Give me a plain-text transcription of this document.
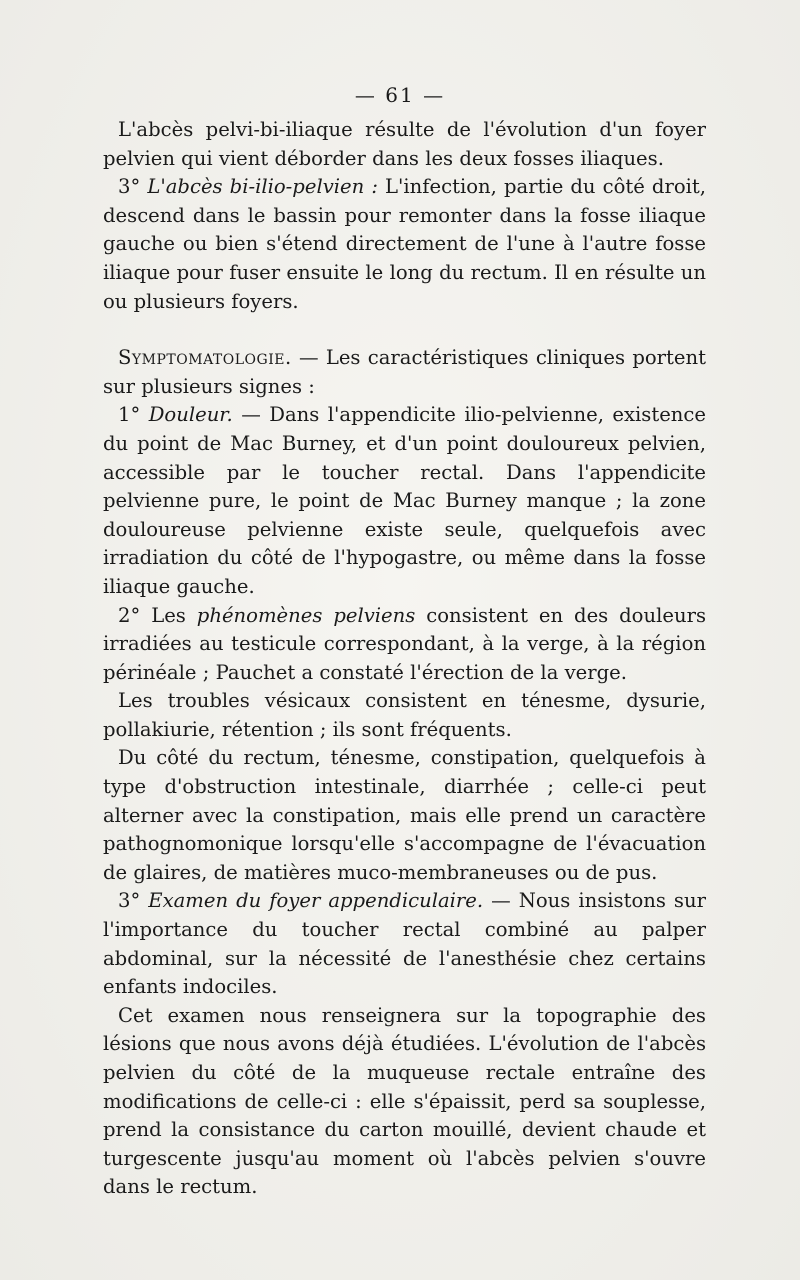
— 61 —

L'abcès pelvi-bi-iliaque résulte de l'évolution d'un foyer pelvien qui vient déborder dans les deux fosses iliaques.

3° L'abcès bi-ilio-pelvien : L'infection, partie du côté droit, descend dans le bassin pour remonter dans la fosse iliaque gauche ou bien s'étend directement de l'une à l'autre fosse iliaque pour fuser ensuite le long du rectum. Il en résulte un ou plusieurs foyers.

Symptomatologie. — Les caractéristiques cliniques portent sur plusieurs signes :

1° Douleur. — Dans l'appendicite ilio-pelvienne, existence du point de Mac Burney, et d'un point douloureux pelvien, accessible par le toucher rectal. Dans l'appendicite pelvienne pure, le point de Mac Burney manque ; la zone douloureuse pelvienne existe seule, quelquefois avec irradiation du côté de l'hypogastre, ou même dans la fosse iliaque gauche.

2° Les phénomènes pelviens consistent en des douleurs irradiées au testicule correspondant, à la verge, à la région périnéale ; Pauchet a constaté l'érection de la verge.

Les troubles vésicaux consistent en ténesme, dysurie, pollakiurie, rétention ; ils sont fréquents.

Du côté du rectum, ténesme, constipation, quelquefois à type d'obstruction intestinale, diarrhée ; celle-ci peut alterner avec la constipation, mais elle prend un caractère pathognomonique lorsqu'elle s'accompagne de l'évacuation de glaires, de matières muco-membraneuses ou de pus.

3° Examen du foyer appendiculaire. — Nous insistons sur l'importance du toucher rectal combiné au palper abdominal, sur la nécessité de l'anesthésie chez certains enfants indociles.

Cet examen nous renseignera sur la topographie des lésions que nous avons déjà étudiées. L'évolution de l'abcès pelvien du côté de la muqueuse rectale entraîne des modifications de celle-ci : elle s'épaissit, perd sa souplesse, prend la consistance du carton mouillé, devient chaude et turgescente jusqu'au moment où l'abcès pelvien s'ouvre dans le rectum.
